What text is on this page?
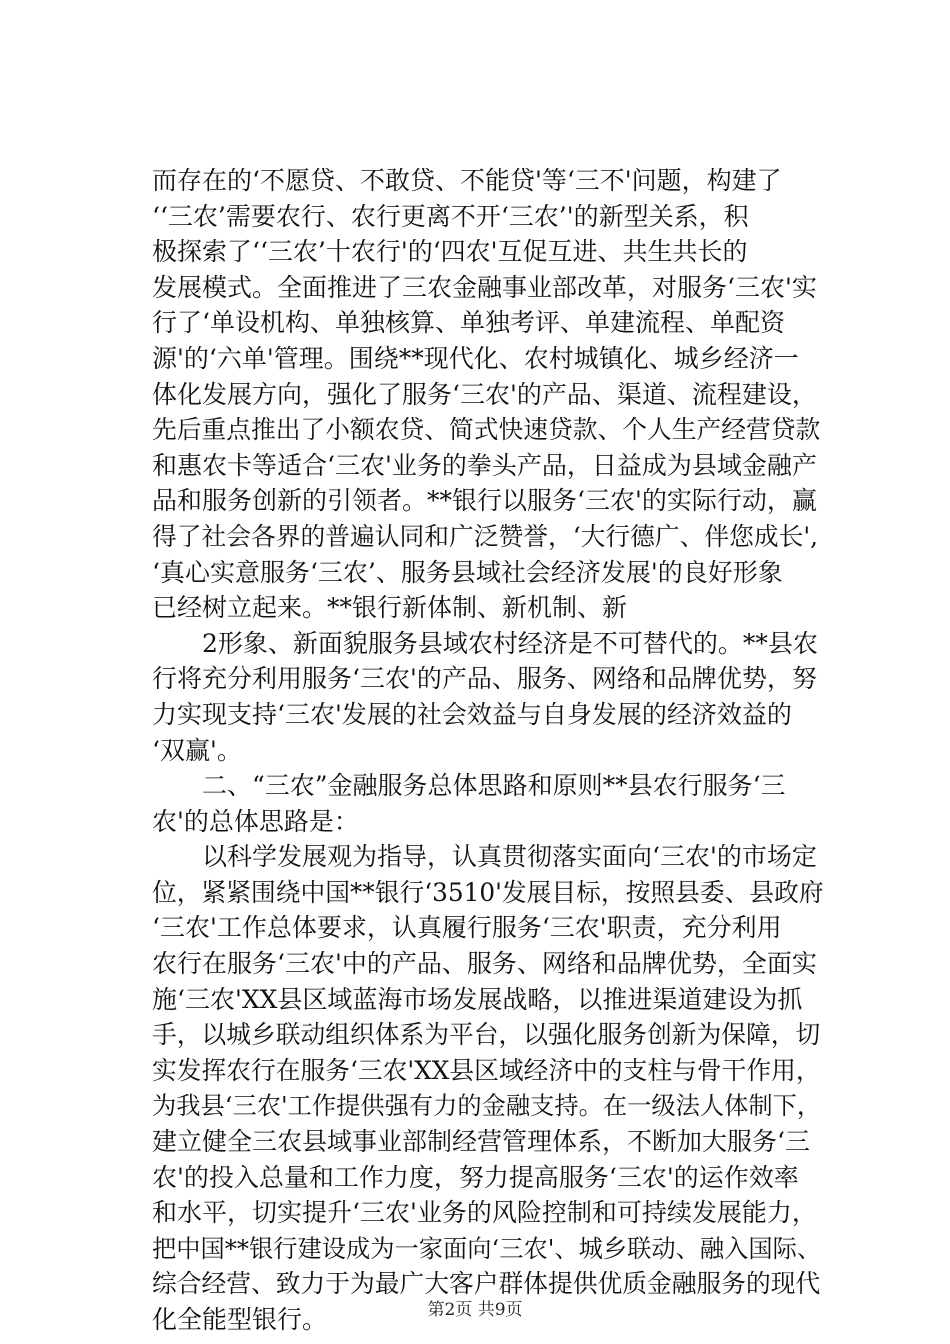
而存在的‘不愿贷、不敢贷、不能贷'等‘三不'问题，构建了
‘‘三农’需要农行、农行更离不开‘三农’'的新型关系，积
极探索了‘‘三农’十农行'的‘四农'互促互进、共生共长的
发展模式。全面推进了三农金融事业部改革，对服务‘三农'实
行了‘单设机构、单独核算、单独考评、单建流程、单配资
源'的‘六单'管理。围绕**现代化、农村城镇化、城乡经济一
体化发展方向，强化了服务‘三农'的产品、渠道、流程建设，
先后重点推出了小额农贷、简式快速贷款、个人生产经营贷款
和惠农卡等适合‘三农'业务的拳头产品，日益成为县域金融产
品和服务创新的引领者。**银行以服务‘三农'的实际行动，赢
得了社会各界的普遍认同和广泛赞誉，‘大行德广、伴您成长',
‘真心实意服务‘三农’、服务县域社会经济发展'的良好形象
已经树立起来。**银行新体制、新机制、新
2形象、新面貌服务县域农村经济是不可替代的。**县农
行将充分利用服务‘三农'的产品、服务、网络和品牌优势，努
力实现支持‘三农'发展的社会效益与自身发展的经济效益的
‘双赢'。
二、“三农”金融服务总体思路和原则**县农行服务‘三
农'的总体思路是：
以科学发展观为指导，认真贯彻落实面向‘三农'的市场定
位，紧紧围绕中国**银行‘3510'发展目标，按照县委、县政府
‘三农'工作总体要求，认真履行服务‘三农'职责，充分利用
农行在服务‘三农'中的产品、服务、网络和品牌优势，全面实
施‘三农'XX县区域蓝海市场发展战略，以推进渠道建设为抓
手，以城乡联动组织体系为平台，以强化服务创新为保障，切
实发挥农行在服务‘三农'XX县区域经济中的支柱与骨干作用，
为我县‘三农'工作提供强有力的金融支持。在一级法人体制下，
建立健全三农县域事业部制经营管理体系，不断加大服务‘三
农'的投入总量和工作力度，努力提高服务‘三农'的运作效率
和水平，切实提升‘三农'业务的风险控制和可持续发展能力，
把中国**银行建设成为一家面向‘三农'、城乡联动、融入国际、
综合经营、致力于为最广大客户群体提供优质金融服务的现代
化全能型银行。	第2页 共9页
